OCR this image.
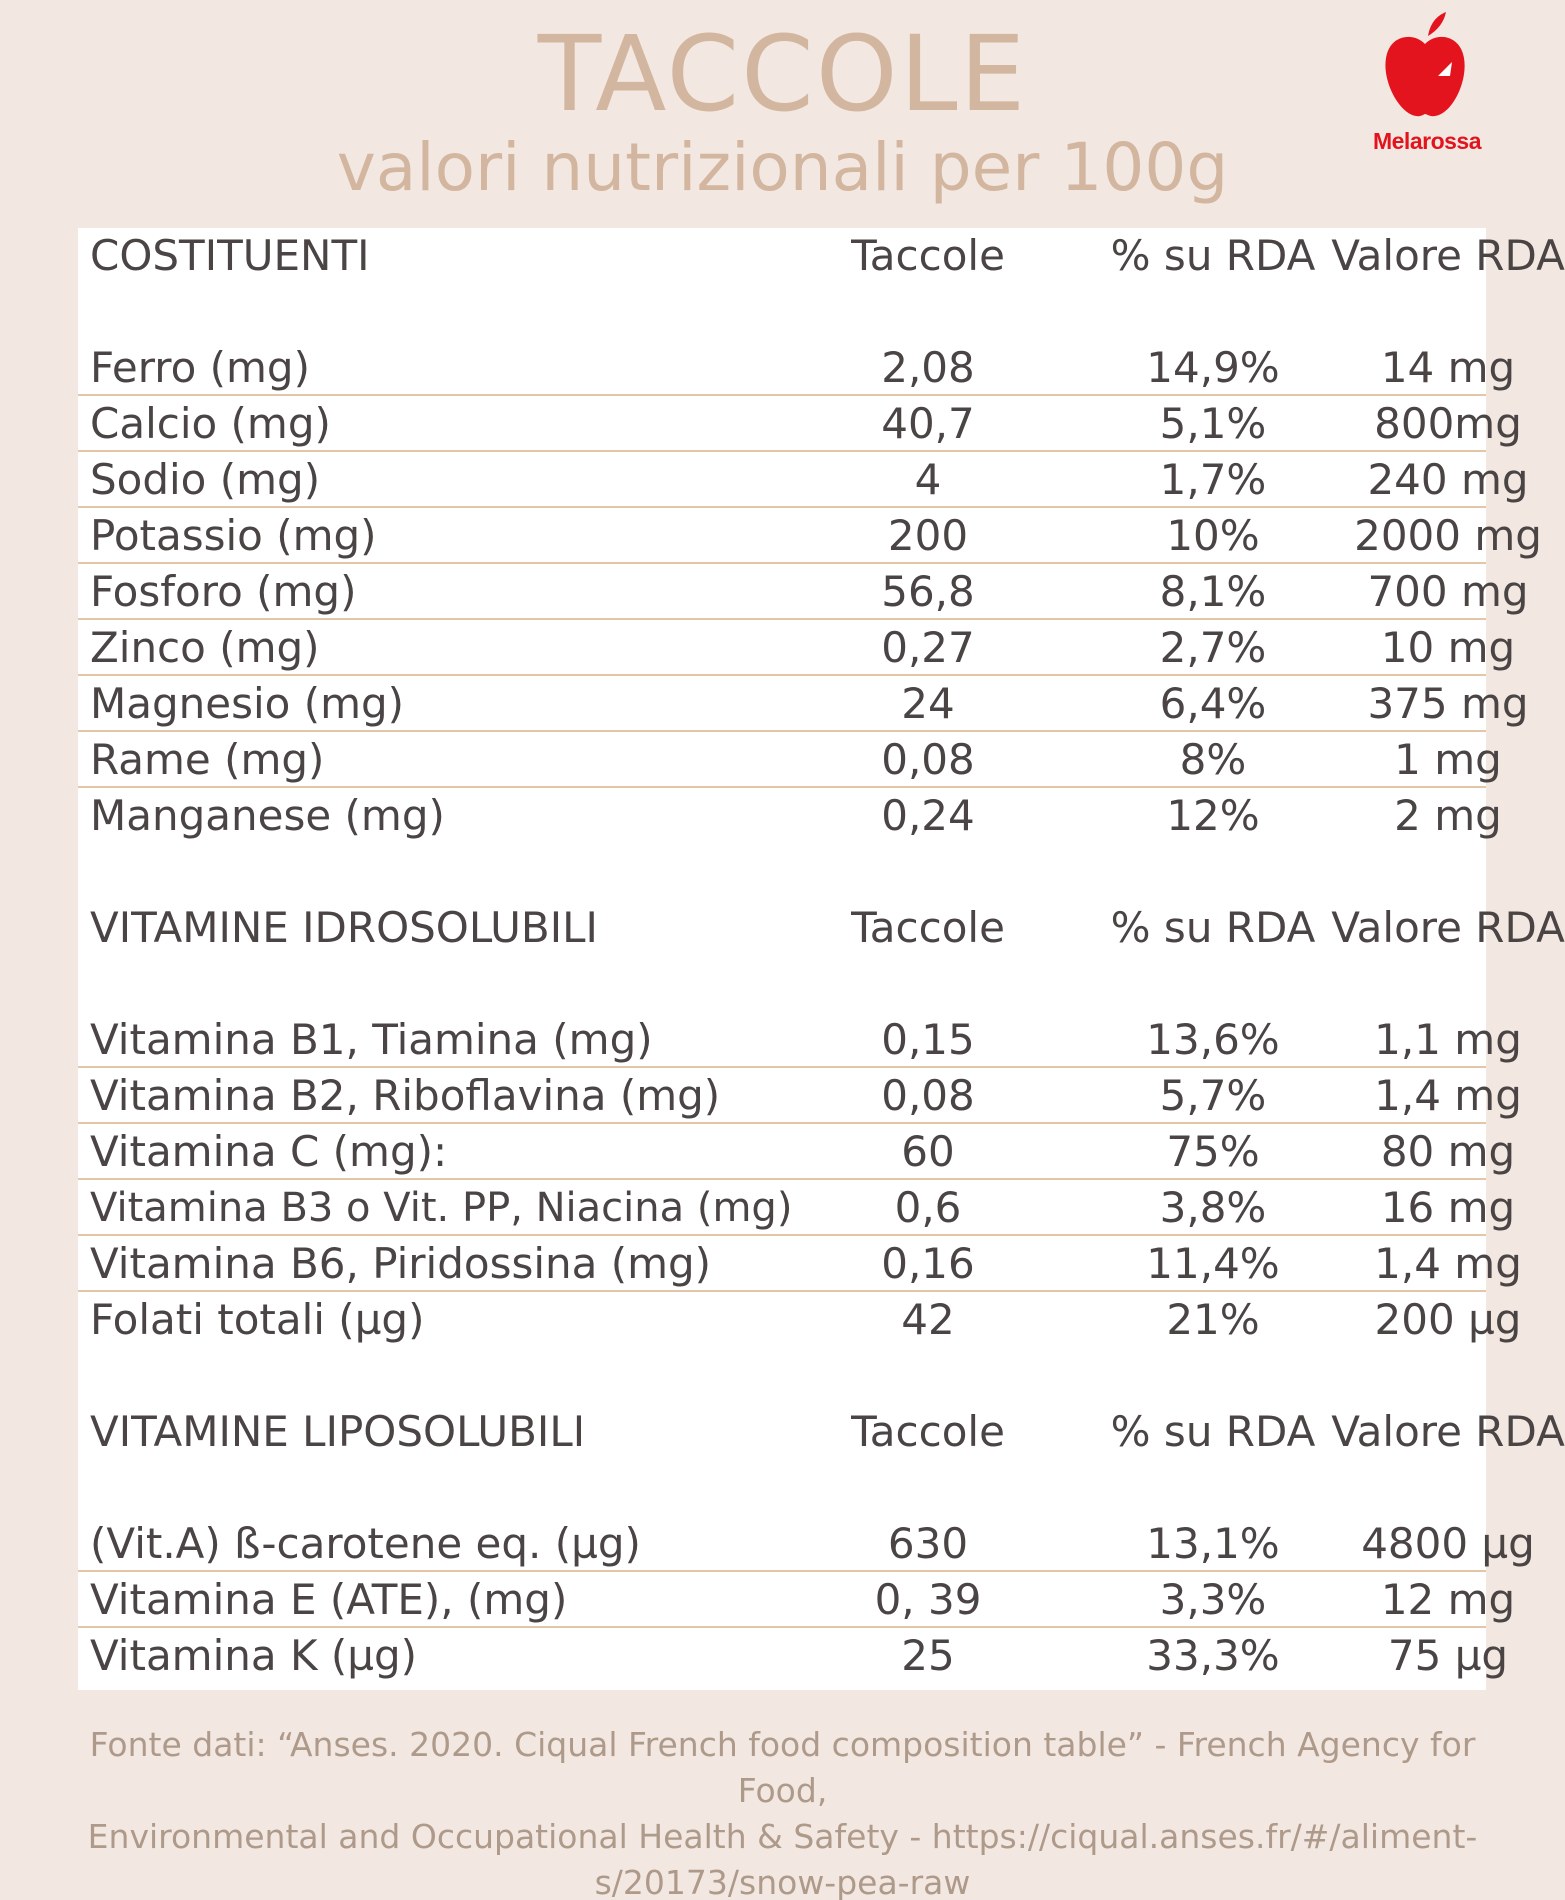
TACCOLE
valori nutrizionali per 100g	Melarossa
COSTITUENTI	Taccole	% su RDA Valore RDA
Ferro (mg)	2,08	14,9%	14 mg
Calcio (mg)	40,7	5,1%	800mg
Sodio (mg)	4	1,7%	240 mg
Potassio (mg)	200	10%	2000 mg
Fosforo (mg)	56,8	8,1%	700 mg
Zinco (mg)	0,27	2,7%	10 mg
Magnesio (mg)	24	6,4%	375 mg
Rame (mg)	0,08	8%	1 mg
Manganese (mg)	0,24	12%	2 mg
VITAMINE IDROSOLUBILI	Taccole	% su RDA Valore RDA
Vitamina B1, Tiamina (mg)	0,15	13,6%	1,1 mg
Vitamina B2, Riboflavina (mg)	0,08	5,7%	1,4 mg
Vitamina C (mg):	60	75%	80 mg
Vitamina B3 o Vit. PP, Niacina (mg)	0,6	3,8%	16 mg
Vitamina B6, Piridossina (mg)	0,16	11,4%	1,4 mg
Folati totali (µg)	42	21%	200 µg
VITAMINE LIPOSOLUBILI	Taccole	% su RDA Valore RDA
(Vit.A) ß-carotene eq. (µg)	630	13,1%	4800 µg
Vitamina E (ATE), (mg)	0, 39	3,3%	12 mg
Vitamina K (µg)	25	33,3%	75 µg
Fonte dati: “Anses. 2020. Ciqual French food composition table” - French Agency for Food,
Environmental and Occupational Health & Safety - https://ciqual.anses.fr/#/aliment-
s/20173/snow-pea-raw
